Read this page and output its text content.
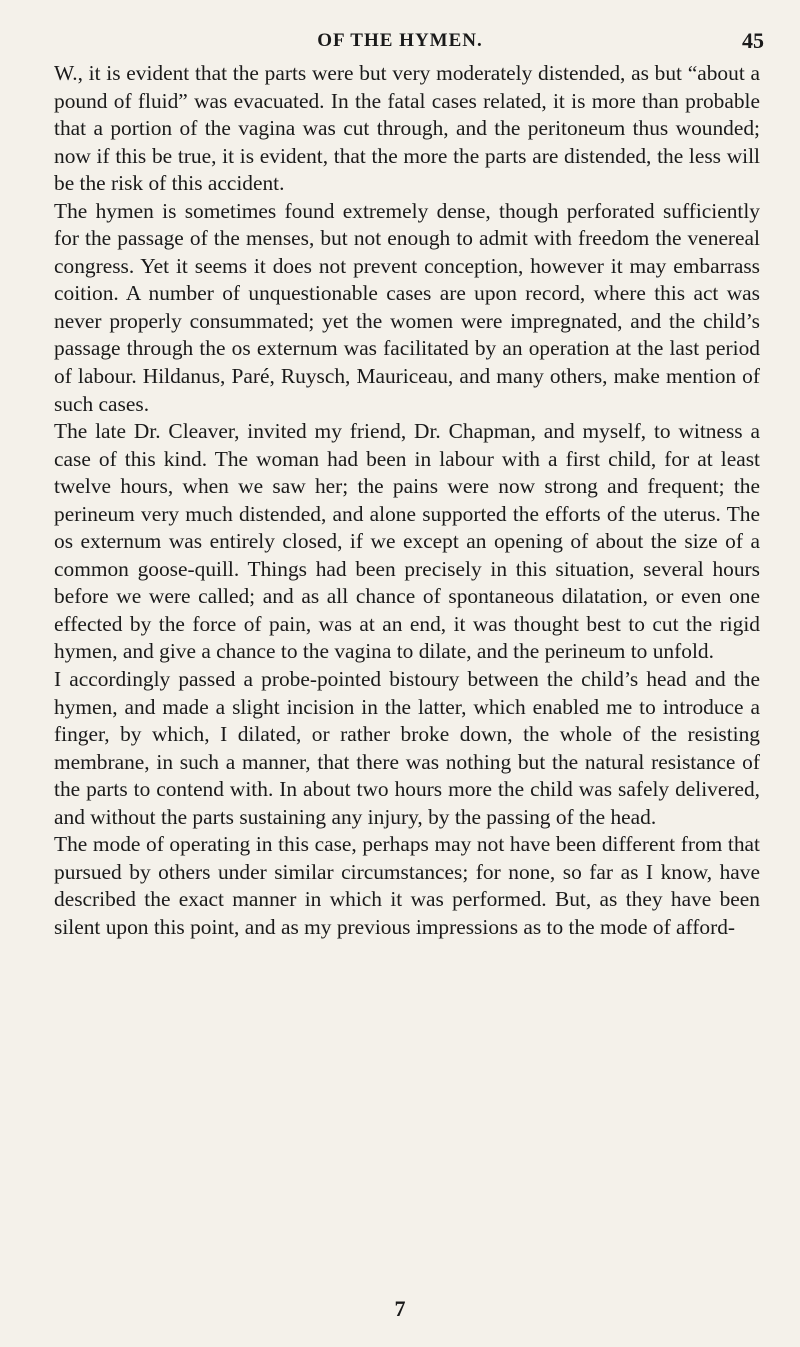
OF THE HYMEN.	45

W., it is evident that the parts were but very moderately distended, as but “about a pound of fluid” was evacuated. In the fatal cases related, it is more than probable that a portion of the vagina was cut through, and the peritoneum thus wounded; now if this be true, it is evident, that the more the parts are distended, the less will be the risk of this accident.

The hymen is sometimes found extremely dense, though perforated sufficiently for the passage of the menses, but not enough to admit with freedom the venereal congress. Yet it seems it does not prevent conception, however it may embarrass coition. A number of unquestionable cases are upon record, where this act was never properly consummated; yet the women were impregnated, and the child’s passage through the os externum was facilitated by an operation at the last period of labour. Hildanus, Paré, Ruysch, Mauriceau, and many others, make mention of such cases.

The late Dr. Cleaver, invited my friend, Dr. Chapman, and myself, to witness a case of this kind. The woman had been in labour with a first child, for at least twelve hours, when we saw her; the pains were now strong and frequent; the perineum very much distended, and alone supported the efforts of the uterus. The os externum was entirely closed, if we except an opening of about the size of a common goose-quill. Things had been precisely in this situation, several hours before we were called; and as all chance of spontaneous dilatation, or even one effected by the force of pain, was at an end, it was thought best to cut the rigid hymen, and give a chance to the vagina to dilate, and the perineum to unfold.

I accordingly passed a probe-pointed bistoury between the child’s head and the hymen, and made a slight incision in the latter, which enabled me to introduce a finger, by which, I dilated, or rather broke down, the whole of the resisting membrane, in such a manner, that there was nothing but the natural resistance of the parts to contend with. In about two hours more the child was safely delivered, and without the parts sustaining any injury, by the passing of the head.

The mode of operating in this case, perhaps may not have been different from that pursued by others under similar circumstances; for none, so far as I know, have described the exact manner in which it was performed. But, as they have been silent upon this point, and as my previous impressions as to the mode of afford-

7
